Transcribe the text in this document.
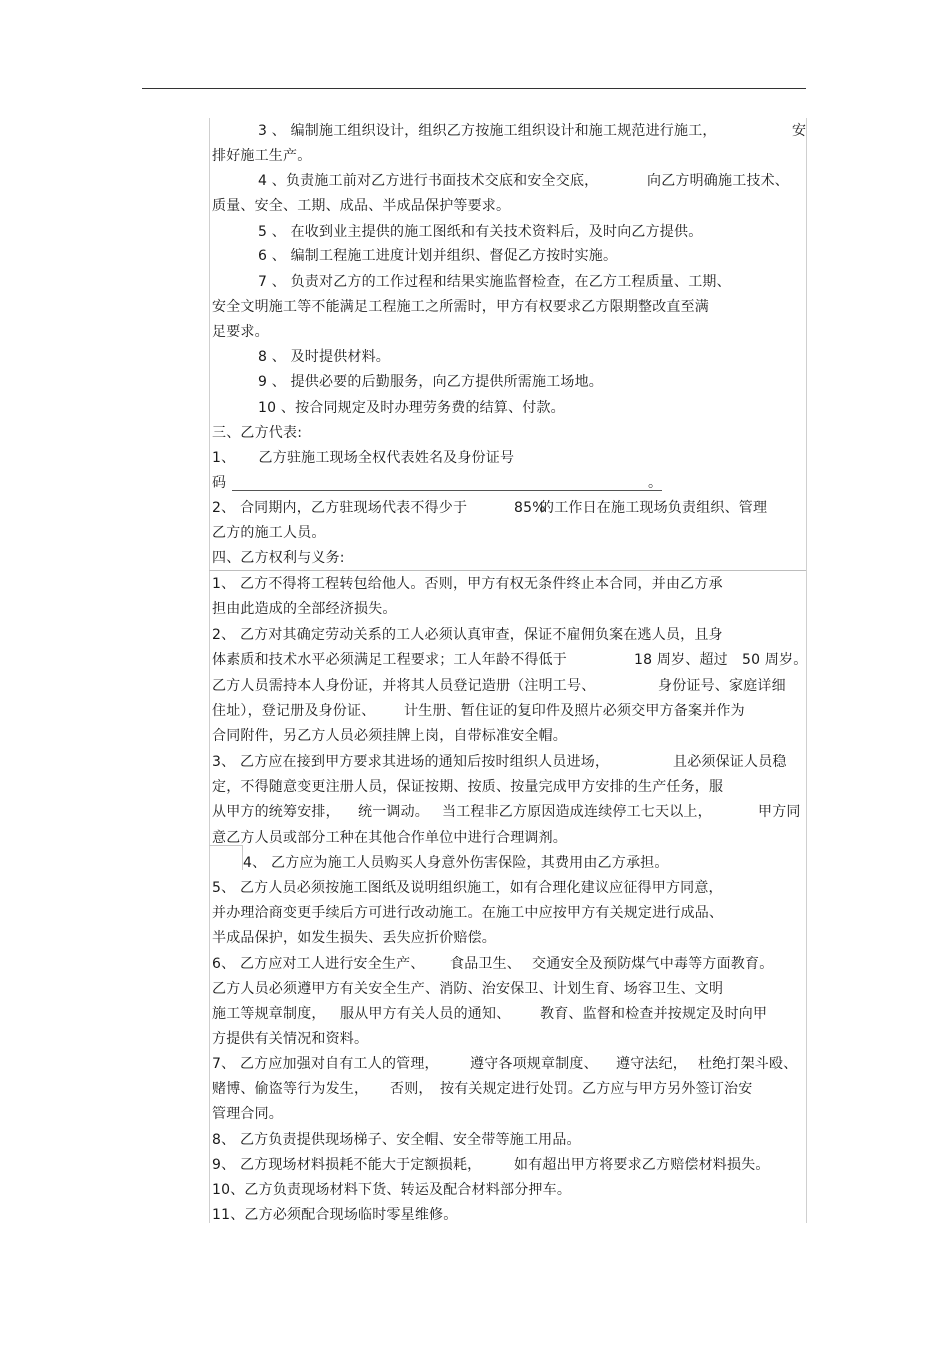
3 、 编制施工组织设计，组织乙方按施工组织设计和施工规范进行施工，	安
排好施工生产。
4 、负责施工前对乙方进行书面技术交底和安全交底，	向乙方明确施工技术、
质量、安全、工期、成品、半成品保护等要求。
5 、 在收到业主提供的施工图纸和有关技术资料后，及时向乙方提供。
6 、 编制工程施工进度计划并组织、督促乙方按时实施。
7 、 负责对乙方的工作过程和结果实施监督检查，在乙方工程质量、工期、
安全文明施工等不能满足工程施工之所需时，甲方有权要求乙方限期整改直至满
足要求。
8 、 及时提供材料。
9 、 提供必要的后勤服务，向乙方提供所需施工场地。
10 、按合同规定及时办理劳务费的结算、付款。
三、乙方代表:
1、     乙方驻施工现场全权代表姓名及身份证号
码	。
2、 合同期内，乙方驻现场代表不得少于	85%
的工作日在施工现场负责组织、管理
乙方的施工人员。
四、乙方权利与义务:
1、 乙方不得将工程转包给他人。否则，甲方有权无条件终止本合同，并由乙方承
担由此造成的全部经济损失。
2、 乙方对其确定劳动关系的工人必须认真审查，保证不雇佣负案在逃人员，且身
体素质和技术水平必须满足工程要求；工人年龄不得低于	18 周岁、超过 50 周岁。
乙方人员需持本人身份证，并将其人员登记造册（注明工号、	身份证号、家庭详细
住址），登记册及身份证、 计生册、暂住证的复印件及照片必须交甲方备案并作为
合同附件，另乙方人员必须挂牌上岗，自带标准安全帽。
3、 乙方应在接到甲方要求其进场的通知后按时组织人员进场，	且必须保证人员稳
定，不得随意变更注册人员，保证按期、按质、按量完成甲方安排的生产任务，服
从甲方的统筹安排， 统一调动。 当工程非乙方原因造成连续停工七天以上，	甲方同
意乙方人员或部分工种在其他合作单位中进行合理调剂。
4、 乙方应为施工人员购买人身意外伤害保险，其费用由乙方承担。
5、 乙方人员必须按施工图纸及说明组织施工，如有合理化建议应征得甲方同意，
并办理洽商变更手续后方可进行改动施工。在施工中应按甲方有关规定进行成品、
半成品保护，如发生损失、丢失应折价赔偿。
6、 乙方应对工人进行安全生产、 食品卫生、 交通安全及预防煤气中毒等方面教育。
乙方人员必须遵甲方有关安全生产、消防、治安保卫、计划生育、场容卫生、文明
施工等规章制度， 服从甲方有关人员的通知、 教育、监督和检查并按规定及时向甲
方提供有关情况和资料。
7、 乙方应加强对自有工人的管理， 遵守各项规章制度、 遵守法纪， 杜绝打架斗殴、
赌博、偷盗等行为发生， 否则， 按有关规定进行处罚。乙方应与甲方另外签订治安
管理合同。
8、 乙方负责提供现场梯子、安全帽、安全带等施工用品。
9、 乙方现场材料损耗不能大于定额损耗， 如有超出甲方将要求乙方赔偿材料损失。
10、乙方负责现场材料下货、转运及配合材料部分押车。
11、乙方必须配合现场临时零星维修。
